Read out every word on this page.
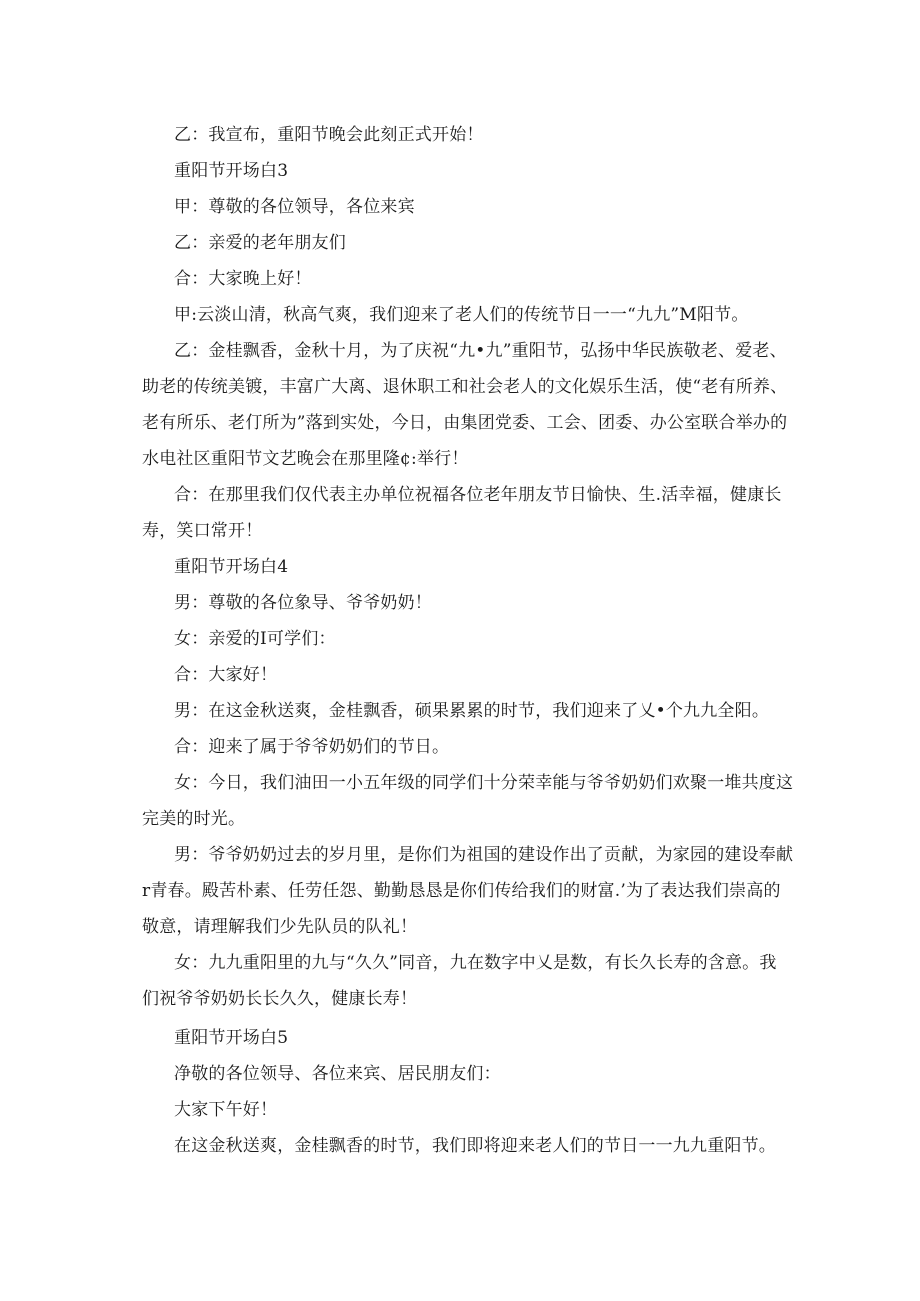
乙：我宣布，重阳节晚会此刻正式开始！

重阳节开场白3

甲：尊敬的各位领导，各位来宾

乙：亲爱的老年朋友们

合：大家晚上好！

甲:云淡山清，秋高气爽，我们迎来了老人们的传统节日一一“九九”M阳节。

乙：金桂飘香，金秋十月，为了庆祝“九•九”重阳节，弘扬中华民族敬老、爱老、
助老的传统美镀，丰富广大离、退休职工和社会老人的文化娱乐生活，使“老有所养、
老有所乐、老仃所为”落到实处，今日，由集团党委、工会、团委、办公室联合举办的
水电社区重阳节文艺晚会在那里隆¢:举行！

合：在那里我们仅代表主办单位祝福各位老年朋友节日愉快、生.活幸福，健康长
寿，笑口常开！

重阳节开场白4

男：尊敬的各位象导、爷爷奶奶！

女：亲爱的I可学们：

合：大家好！

男：在这金秋送爽，金桂飘香，硕果累累的时节，我们迎来了乂•个九九全阳。

合：迎来了属于爷爷奶奶们的节日。

女：今日，我们油田一小五年级的同学们十分荣幸能与爷爷奶奶们欢聚一堆共度这
完美的时光。

男：爷爷奶奶过去的岁月里，是你们为祖国的建设作出了贡献，为家园的建设奉献
r青春。殿苦朴素、任劳任怨、勤勤恳恳是你们传给我们的财富.’为了表达我们崇高的
敬意，请理解我们少先队员的队礼！

女：九九重阳里的九与“久久”同音，九在数字中乂是数，有长久长寿的含意。我
们祝爷爷奶奶长长久久，健康长寿！

重阳节开场白5

净敬的各位领导、各位来宾、居民朋友们：

大家下午好！

在这金秋送爽，金桂飘香的时节，我们即将迎来老人们的节日一一九九重阳节。
